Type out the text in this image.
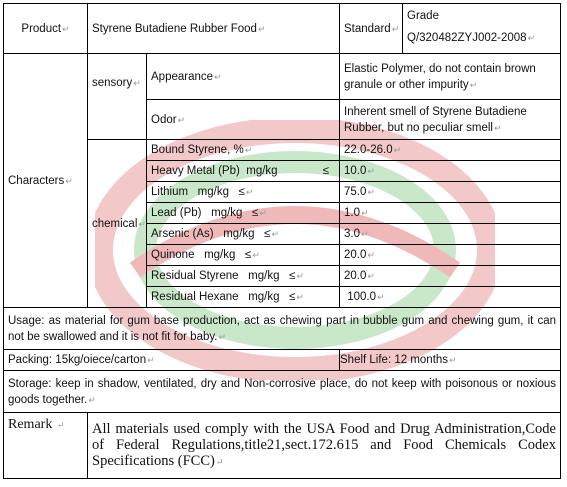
Product↵	Styrene Butadiene Rubber Food↵		Standard↵	Grade
Q/320482ZYJ002-2008↵

Characters↵	sensory↵	Appearance↵	Elastic Polymer, do not contain brown granule or other impurity↵	
		Odor↵	Inherent smell of Styrene Butadiene Rubber, but no peculiar smell↵	
	chemical↵	Bound Styrene, %↵	22.0-26.0↵	
		Heavy Metal (Pb) mg/kg ≤	10.0↵	
		Lithium mg/kg ≤↵	75.0↵	
		Lead (Pb) mg/kg ≤↵	1.0↵	
		Arsenic (As) mg/kg ≤↵	3.0↵	
		Quinone mg/kg ≤↵	20.0↵	
		Residual Styrene mg/kg ≤↵	20.0↵	
		Residual Hexane mg/kg ≤↵	100.0↵	
Usage: as material for gum base production, act as chewing part in bubble gum and chewing gum, it can not be swallowed and it is not fit for baby.↵				
Packing: 15kg/oiece/carton↵			Shelf Life: 12 months↵	
Storage: keep in shadow, ventilated, dry and Non-corrosive place, do not keep with poisonous or noxious goods together.↵				
Remark ↵	All materials used comply with the USA Food and Drug Administration,Code of Federal Regulations,title21,sect.172.615 and Food Chemicals Codex Specifications (FCC)↵			
